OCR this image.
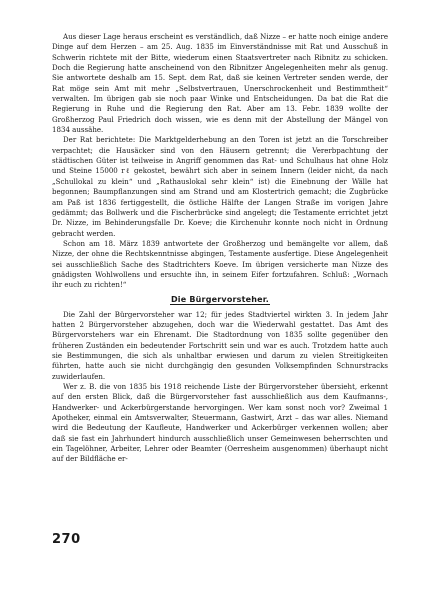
Aus dieser Lage heraus erscheint es verständlich, daß Nizze – er hatte noch einige andere Dinge auf dem Herzen – am 25. Aug. 1835 im Einverständnisse mit Rat und Ausschuß in Schwerin richtete mit der Bitte, wiederum einen Staatsvertreter nach Ribnitz zu schicken. Doch die Regierung hatte anscheinend von den Ribnitzer Angelegenheiten mehr als genug. Sie antwortete deshalb am 15. Sept. dem Rat, daß sie keinen Vertreter senden werde, der Rat möge sein Amt mit mehr „Selbstvertrauen, Unerschrockenheit und Bestimmtheit“ verwalten. Im übrigen gab sie noch paar Winke und Entscheidungen. Da bat die Rat die Regierung in Ruhe und die Regierung den Rat. Aber am 13. Febr. 1839 wollte der Großherzog Paul Friedrich doch wissen, wie es denn mit der Abstellung der Mängel von 1834 aussähe.

Der Rat berichtete: Die Marktgelderhebung an den Toren ist jetzt an die Torschreiber verpachtet; die Hausäcker sind von den Häusern getrennt; die Vererbpachtung der städtischen Güter ist teilweise in Angriff genommen das Rat- und Schulhaus hat ohne Holz und Steine 15000 rℓ gekostet, bewährt sich aber in seinem Innern (leider nicht, da nach „Schullokal zu klein“ und „Rathauslokal sehr klein“ ist) die Einebnung der Wälle hat begonnen; Baumpflanzungen sind am Strand und am Klostertrich gemacht; die Zugbrücke am Paß ist 1836 fertiggestellt, die östliche Hälfte der Langen Straße im vorigen Jahre gedämmt; das Bollwerk und die Fischerbrücke sind angelegt; die Testamente errichtet jetzt Dr. Nizze, im Behinderungsfalle Dr. Koeve; die Kirchenuhr konnte noch nicht in Ordnung gebracht werden.

Schon am 18. März 1839 antwortete der Großherzog und bemängelte vor allem, daß Nizze, der ohne die Rechtskenntnisse abgingen, Testamente ausfertige. Diese Angelegenheit sei ausschließlich Sache des Stadtrichters Koeve. Im übrigen versicherte man Nizze des gnädigsten Wohlwollens und ersuchte ihn, in seinem Eifer fortzufahren. Schluß: „Wornach ihr euch zu richten!“

Die Bürgervorsteher.

Die Zahl der Bürgervorsteher war 12; für jedes Stadtviertel wirkten 3. In jedem Jahr hatten 2 Bürgervorsteher abzugehen, doch war die Wiederwahl gestattet. Das Amt des Bürgervorstehers war ein Ehrenamt. Die Stadtordnung von 1835 sollte gegenüber den früheren Zuständen ein bedeutender Fortschritt sein und war es auch. Trotzdem hatte auch sie Bestimmungen, die sich als unhaltbar erwiesen und darum zu vielen Streitigkeiten führten, hatte auch sie nicht durchgängig den gesunden Volksempfinden Schnurstracks zuwiderlaufen.

Wer z. B. die von 1835 bis 1918 reichende Liste der Bürgervorsteher übersieht, erkennt auf den ersten Blick, daß die Bürgervorsteher fast ausschließlich aus dem Kaufmanns-, Handwerker- und Ackerbürgerstande hervorgingen. Wer kam sonst noch vor? Zweimal 1 Apotheker, einmal ein Amtsverwalter, Steuermann, Gastwirt, Arzt – das war alles. Niemand wird die Bedeutung der Kaufleute, Handwerker und Ackerbürger verkennen wollen; aber daß sie fast ein Jahrhundert hindurch ausschließlich unser Gemeinwesen beherrschten und ein Tagelöhner, Arbeiter, Lehrer oder Beamter (Oerresheim ausgenommen) überhaupt nicht auf der Bildfläche er-

270
